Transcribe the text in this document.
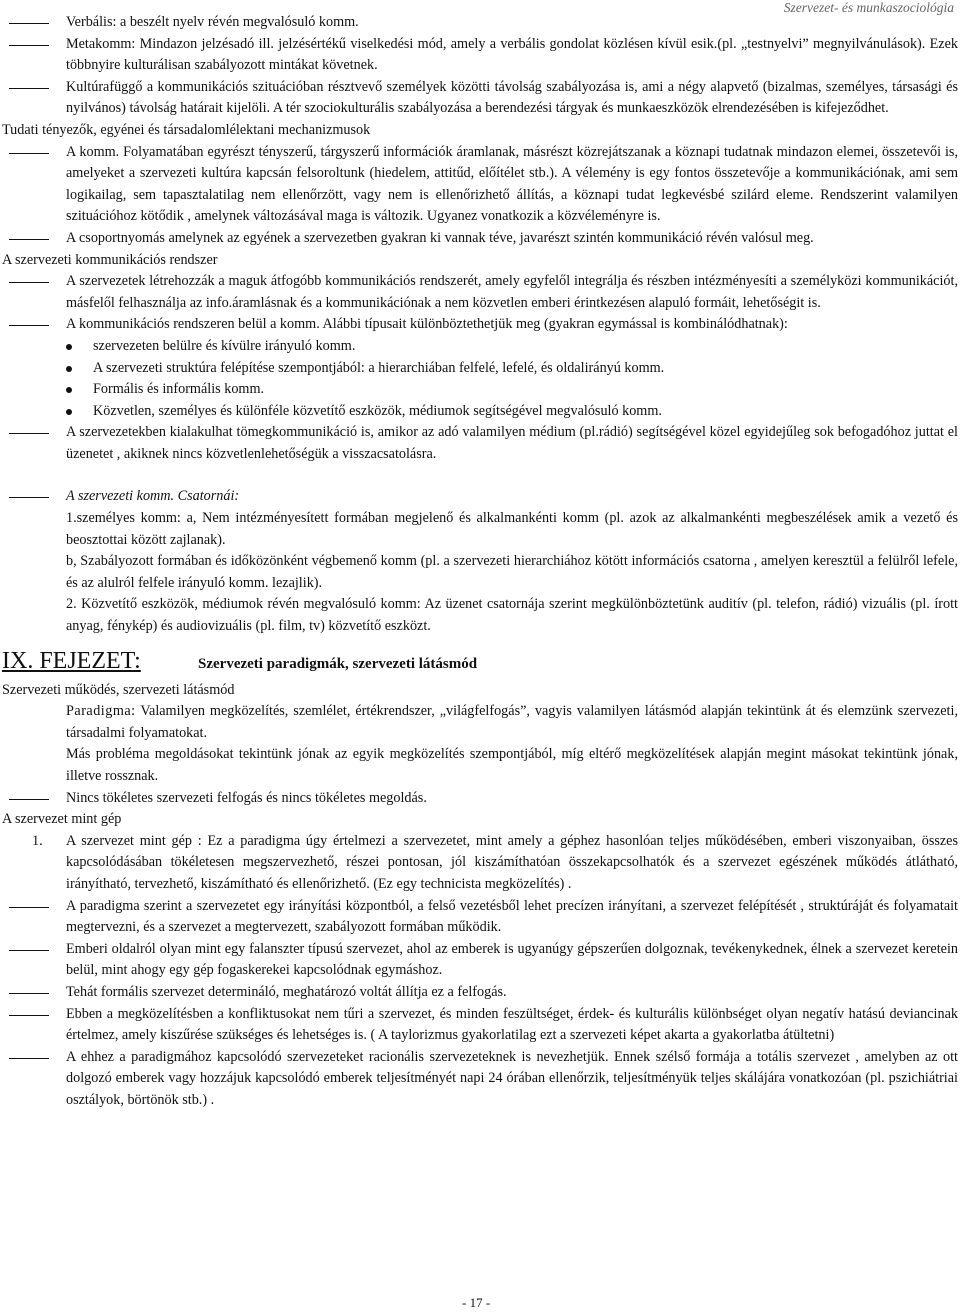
Szervezet- és munkaszociológia
Verbális: a beszélt nyelv révén megvalósuló komm.
Metakomm: Mindazon jelzésadó ill. jelzésértékű viselkedési mód, amely a verbális gondolat közlésen kívül esik.(pl. „testnyelvi” megnyilvánulások). Ezek többnyire kulturálisan szabályozott mintákat követnek.
Kultúrafüggő a kommunikációs szituációban résztvevő személyek közötti távolság szabályozása is, ami a négy alapvető (bizalmas, személyes, társasági és nyilvános) távolság határait kijelöli. A tér szociokulturális szabályozása a berendezési tárgyak és munkaeszközök elrendezésében is kifejeződhet.
Tudati tényezők, egyénei és társadalomlélektani mechanizmusok
A komm. Folyamatában egyrészt tényszerű, tárgyszerű információk áramlanak, másrészt közrejátszanak a köznapi tudatnak mindazon elemei, összetevői is, amelyeket a szervezeti kultúra kapcsán felsoroltunk (hiedelem, attitűd, előítélet stb.). A vélemény is egy fontos összetevője a kommunikációnak, ami sem logikailag, sem tapasztalatilag nem ellenőrzött, vagy nem is ellenőrizhető állítás, a köznapi tudat legkevésbé szilárd eleme. Rendszerint valamilyen szituációhoz kötődik , amelynek változásával maga is változik. Ugyanez vonatkozik a közvéleményre is.
A csoportnyomás amelynek az egyének a szervezetben gyakran ki vannak téve, javarészt szintén kommunikáció révén valósul meg.
A szervezeti kommunikációs rendszer
A szervezetek létrehozzák a maguk átfogóbb kommunikációs rendszerét, amely egyfelől integrálja és részben intézményesíti a személyközi kommunikációt, másfelől felhasználja az info.áramlásnak és a kommunikációnak a nem közvetlen emberi érintkezésen alapuló formáit, lehetőségit is.
A kommunikációs rendszeren belül a komm. Alábbi típusait különböztethetjük meg (gyakran egymással is kombinálódhatnak):
szervezeten belülre és kívülre irányuló komm.
A szervezeti struktúra felépítése szempontjából: a hierarchiában felfelé, lefelé, és oldalirányú komm.
Formális és informális komm.
Közvetlen, személyes és különféle közvetítő eszközök, médiumok segítségével megvalósuló komm.
A szervezetekben kialakulhat tömegkommunikáció is, amikor az adó valamilyen médium (pl.rádió) segítségével közel egyidejűleg sok befogadóhoz juttat el üzenetet , akiknek nincs közvetlenlehetőségük a visszacsatolásra.
A szervezeti komm. Csatornái:
1.személyes komm: a, Nem intézményesített formában megjelenő és alkalmankénti komm (pl. azok az alkalmankénti megbeszélések amik a vezető és beosztottai között zajlanak).
b, Szabályozott formában és időközönként végbemenő komm (pl. a szervezeti hierarchiához kötött információs csatorna , amelyen keresztül a felülről lefele, és az alulról felfele irányuló komm. lezajlik).
2. Közvetítő eszközök, médiumok révén megvalósuló komm: Az üzenet csatornája szerint megkülönböztetünk auditív (pl. telefon, rádió) vizuális (pl. írott anyag, fénykép) és audiovizuális (pl. film, tv) közvetítő eszközt.
IX. FEJEZET:	Szervezeti paradigmák, szervezeti látásmód
Szervezeti működés, szervezeti látásmód
Paradigma: Valamilyen megközelítés, szemlélet, értékrendszer, „világfelfogás”, vagyis valamilyen látásmód alapján tekintünk át és elemzünk szervezeti, társadalmi folyamatokat.
Más probléma megoldásokat tekintünk jónak az egyik megközelítés szempontjából, míg eltérő megközelítések alapján megint másokat tekintünk jónak, illetve rossznak.
Nincs tökéletes szervezeti felfogás és nincs tökéletes megoldás.
A szervezet mint gép
1. A szervezet mint gép : Ez a paradigma úgy értelmezi a szervezetet, mint amely a géphez hasonlóan teljes működésében, emberi viszonyaiban, összes kapcsolódásában tökéletesen megszervezhető, részei pontosan, jól kiszámíthatóan összekapcsolhatók és a szervezet egészének működés átlátható, irányítható, tervezhető, kiszámítható és ellenőrizhető. (Ez egy technicista megközelítés) .
A paradigma szerint a szervezetet egy irányítási központból, a felső vezetésből lehet precízen irányítani, a szervezet felépítését , struktúráját és folyamatait megtervezni, és a szervezet a megtervezett, szabályozott formában működik.
Emberi oldalról olyan mint egy falanszter típusú szervezet, ahol az emberek is ugyanúgy gépszerűen dolgoznak, tevékenykednek, élnek a szervezet keretein belül, mint ahogy egy gép fogaskerekei kapcsolódnak egymáshoz.
Tehát formális szervezet determináló, meghatározó voltát állítja ez a felfogás.
Ebben a megközelítésben a konfliktusokat nem tűri a szervezet, és minden feszültséget, érdek- és kulturális különbséget olyan negatív hatású deviancinak értelmez, amely kiszűrése szükséges és lehetséges is. ( A taylorizmus gyakorlatilag ezt a szervezeti képet akarta a gyakorlatba átültetni)
A ehhez a paradigmához kapcsolódó szervezeteket racionális szervezeteknek is nevezhetjük. Ennek szélső formája a totális szervezet , amelyben az ott dolgozó emberek vagy hozzájuk kapcsolódó emberek teljesítményét napi 24 órában ellenőrzik, teljesítményük teljes skálájára vonatkozóan (pl. pszichiátriai osztályok, börtönök stb.) .
- 17 -
